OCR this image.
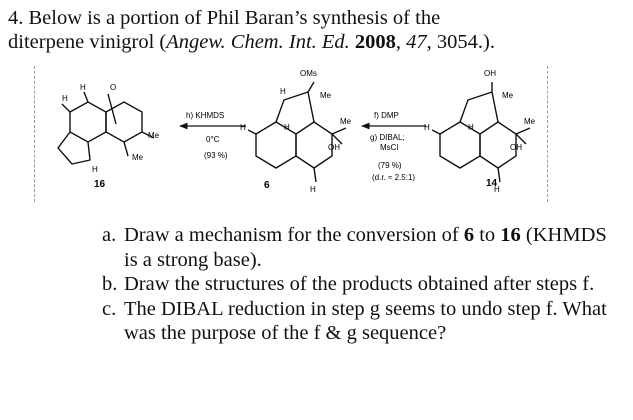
4. Below is a portion of Phil Baran’s synthesis of the
diterpene vinigrol (Angew. Chem. Int. Ed. 2008, 47, 3054.).
O
H
H
Me
Me
H
16
h) KHMDS
0°C
(93 %)
OMs
H	Me
Me
OH
H	H
H
6
f) DMP
g) DIBAL;
MsCl
(79 %)
(d.r. ≈ 2.5:1)
OH
Me
Me
OH
H	H
H
14
a. Draw a mechanism for the conversion of 6 to 16 (KHMDS is a strong base).
b. Draw the structures of the products obtained after steps f.
c. The DIBAL reduction in step g seems to undo step f. What was the purpose of the f & g sequence?
